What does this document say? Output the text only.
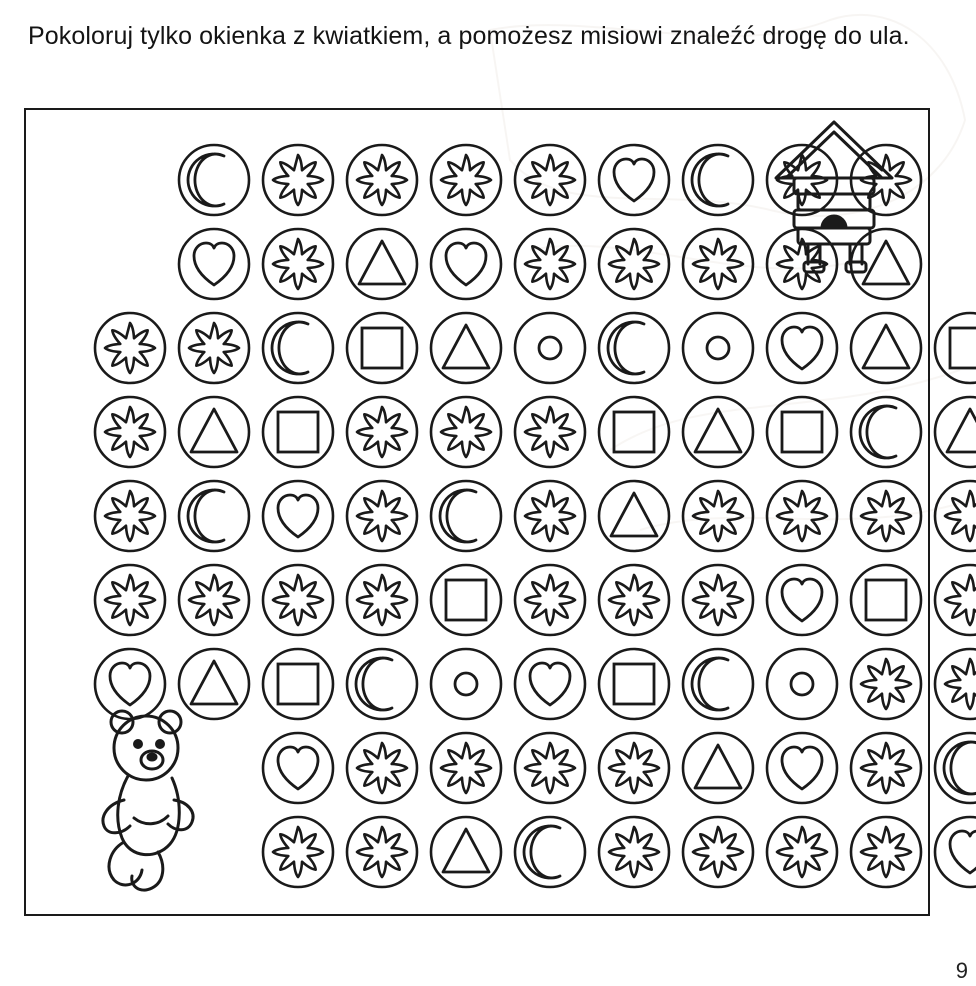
Pokoloruj tylko okienka z kwiatkiem, a pomożesz misiowi znaleźć drogę do ula.
9
